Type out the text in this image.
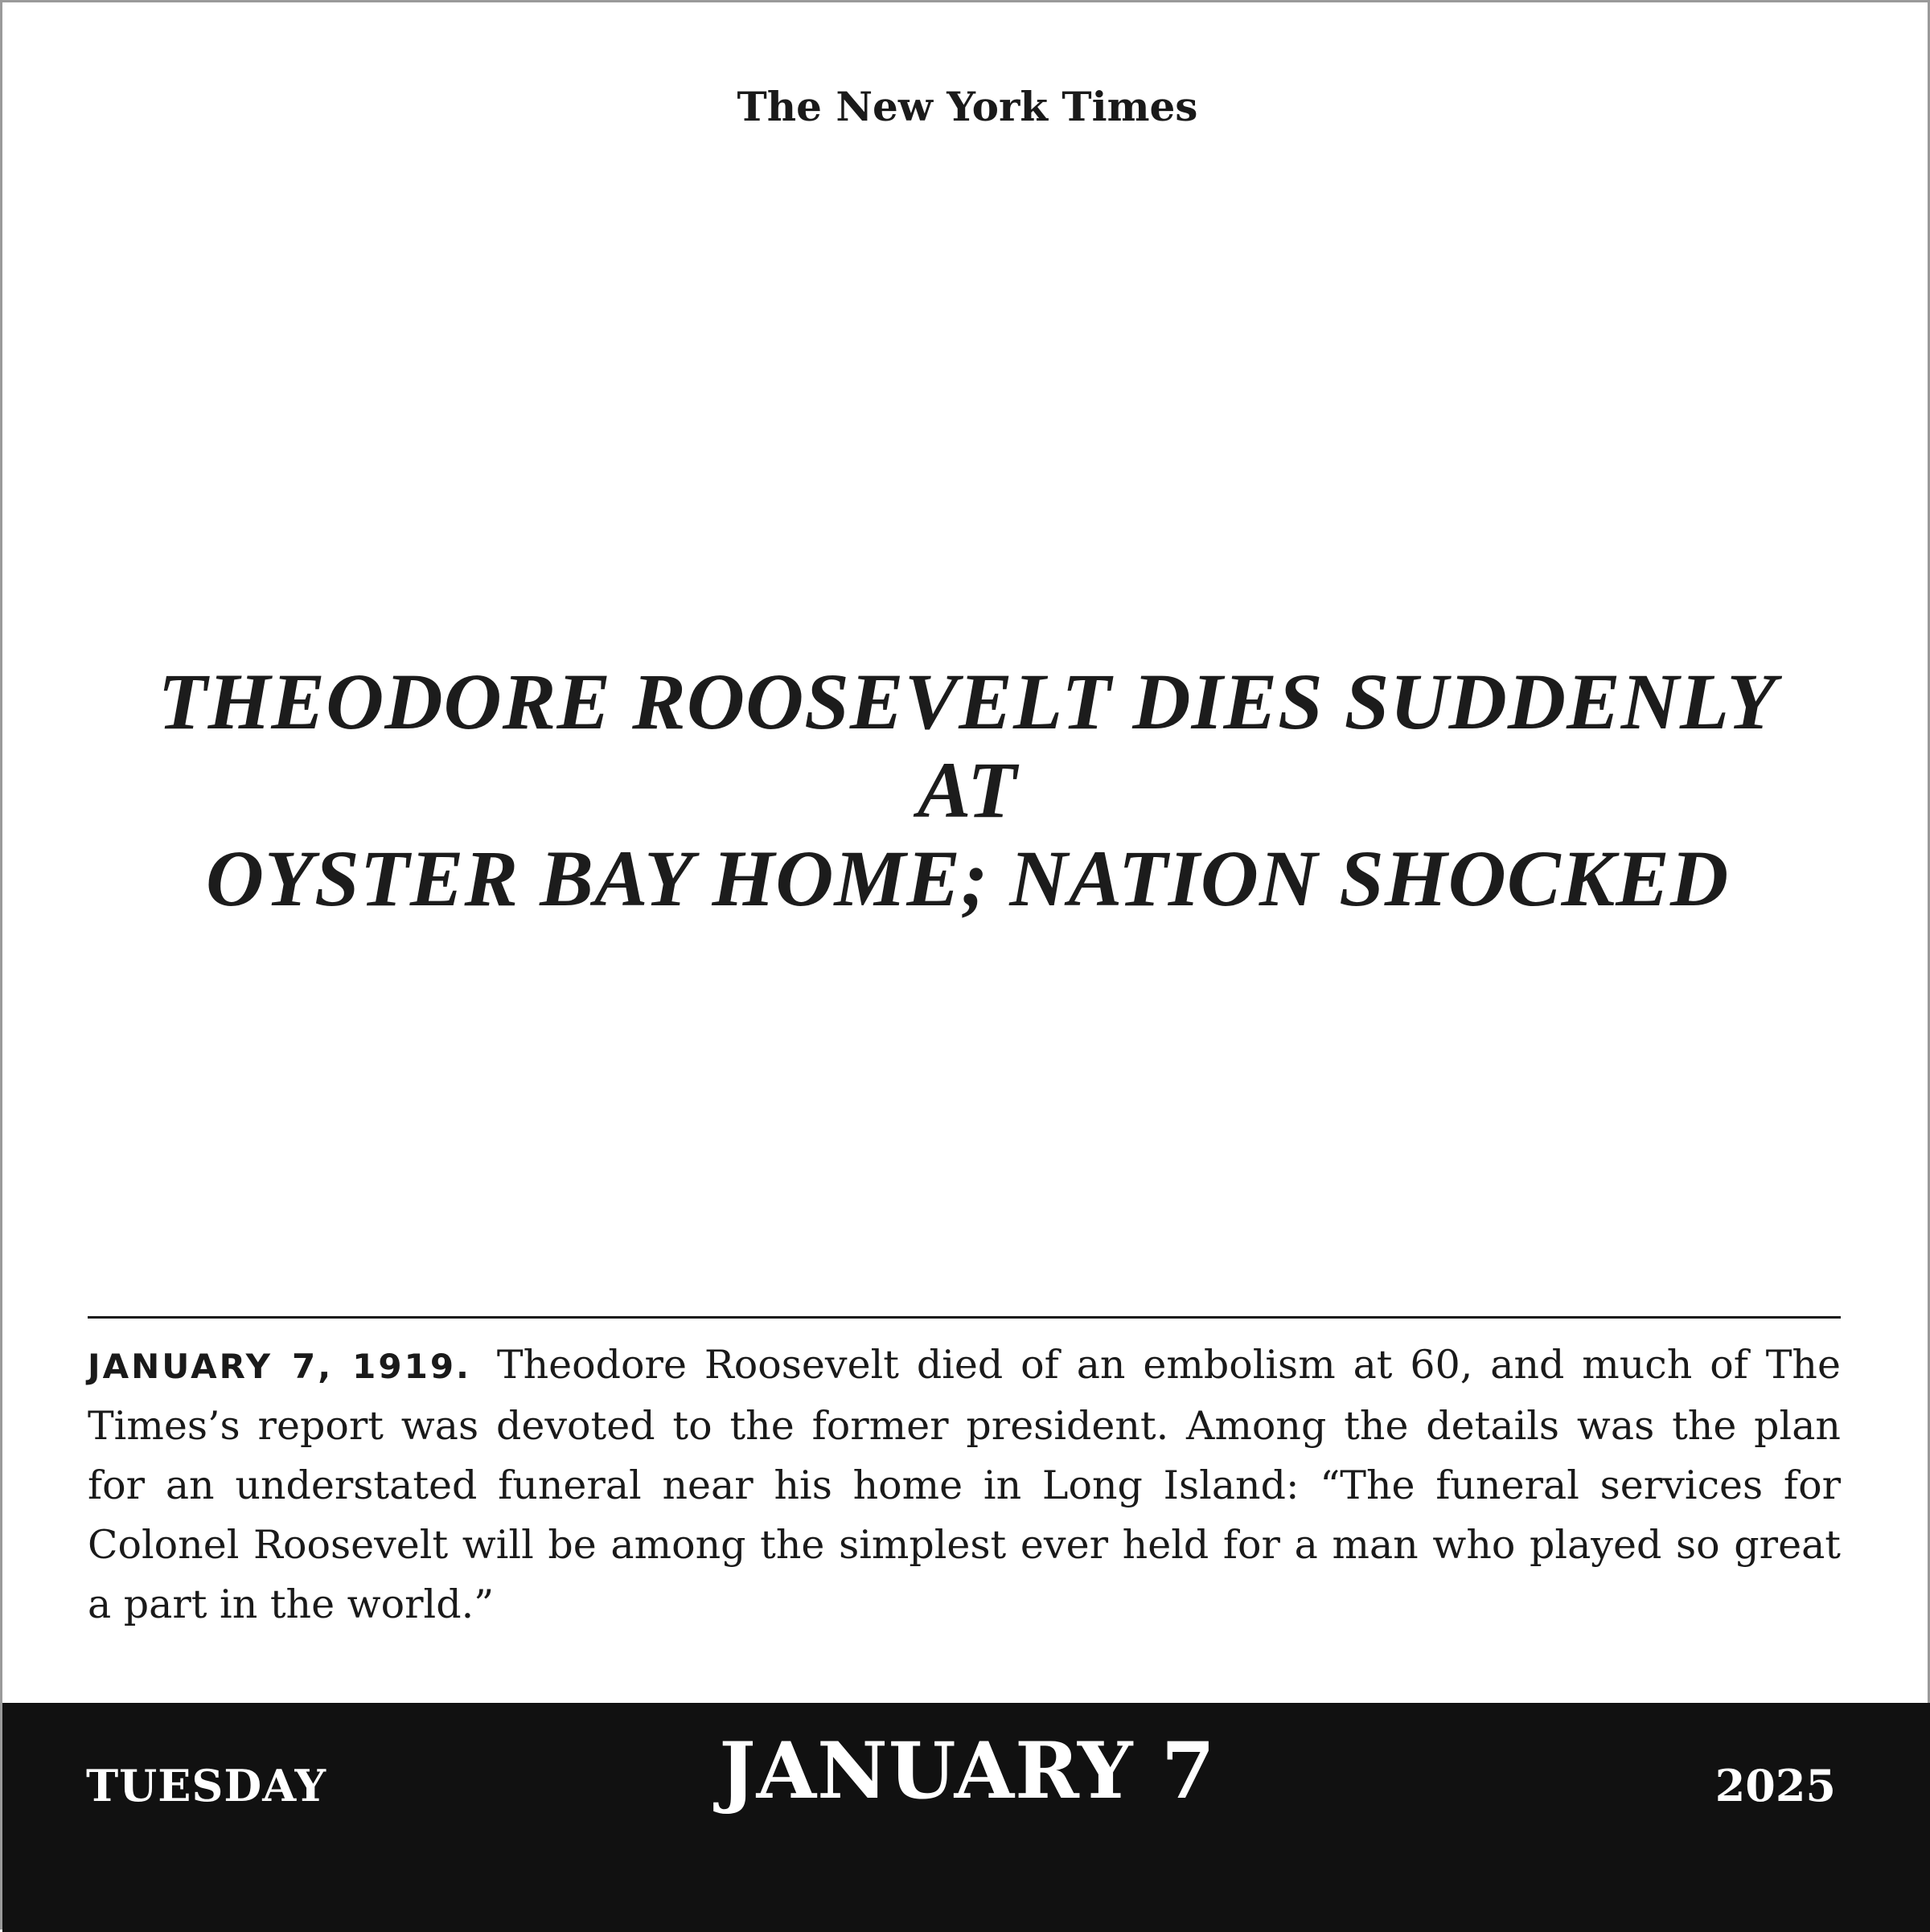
The New York Times
THEODORE ROOSEVELT DIES SUDDENLY AT
OYSTER BAY HOME; NATION SHOCKED
JANUARY 7, 1919. Theodore Roosevelt died of an embolism at 60, and much of The Times’s report was devoted to the former president. Among the details was the plan for an understated funeral near his home in Long Island: “The funeral services for Colonel Roosevelt will be among the simplest ever held for a man who played so great a part in the world.”
TUESDAY	JANUARY 7	2025
